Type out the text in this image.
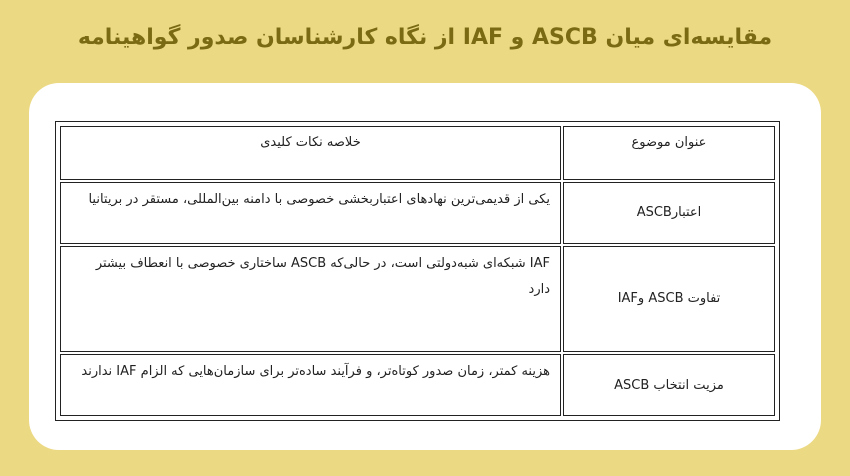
مقایسه‌ای میان ASCB و IAF از نگاه کارشناسان صدور گواهینامه
عنوان موضوع	خلاصه نکات کلیدی
اعتبارASCB	یکی از قدیمی‌ترین نهادهای اعتباربخشی خصوصی با دامنه بین‌المللی، مستقر در بریتانیا
تفاوت ASCB وIAF	IAF شبکه‌ای شبه‌دولتی است، در حالی‌که ASCB ساختاری خصوصی با انعطاف بیشتر دارد
مزیت انتخاب ASCB	هزینه کمتر، زمان صدور کوتاه‌تر، و فرآیند ساده‌تر برای سازمان‌هایی که الزام IAF ندارند
